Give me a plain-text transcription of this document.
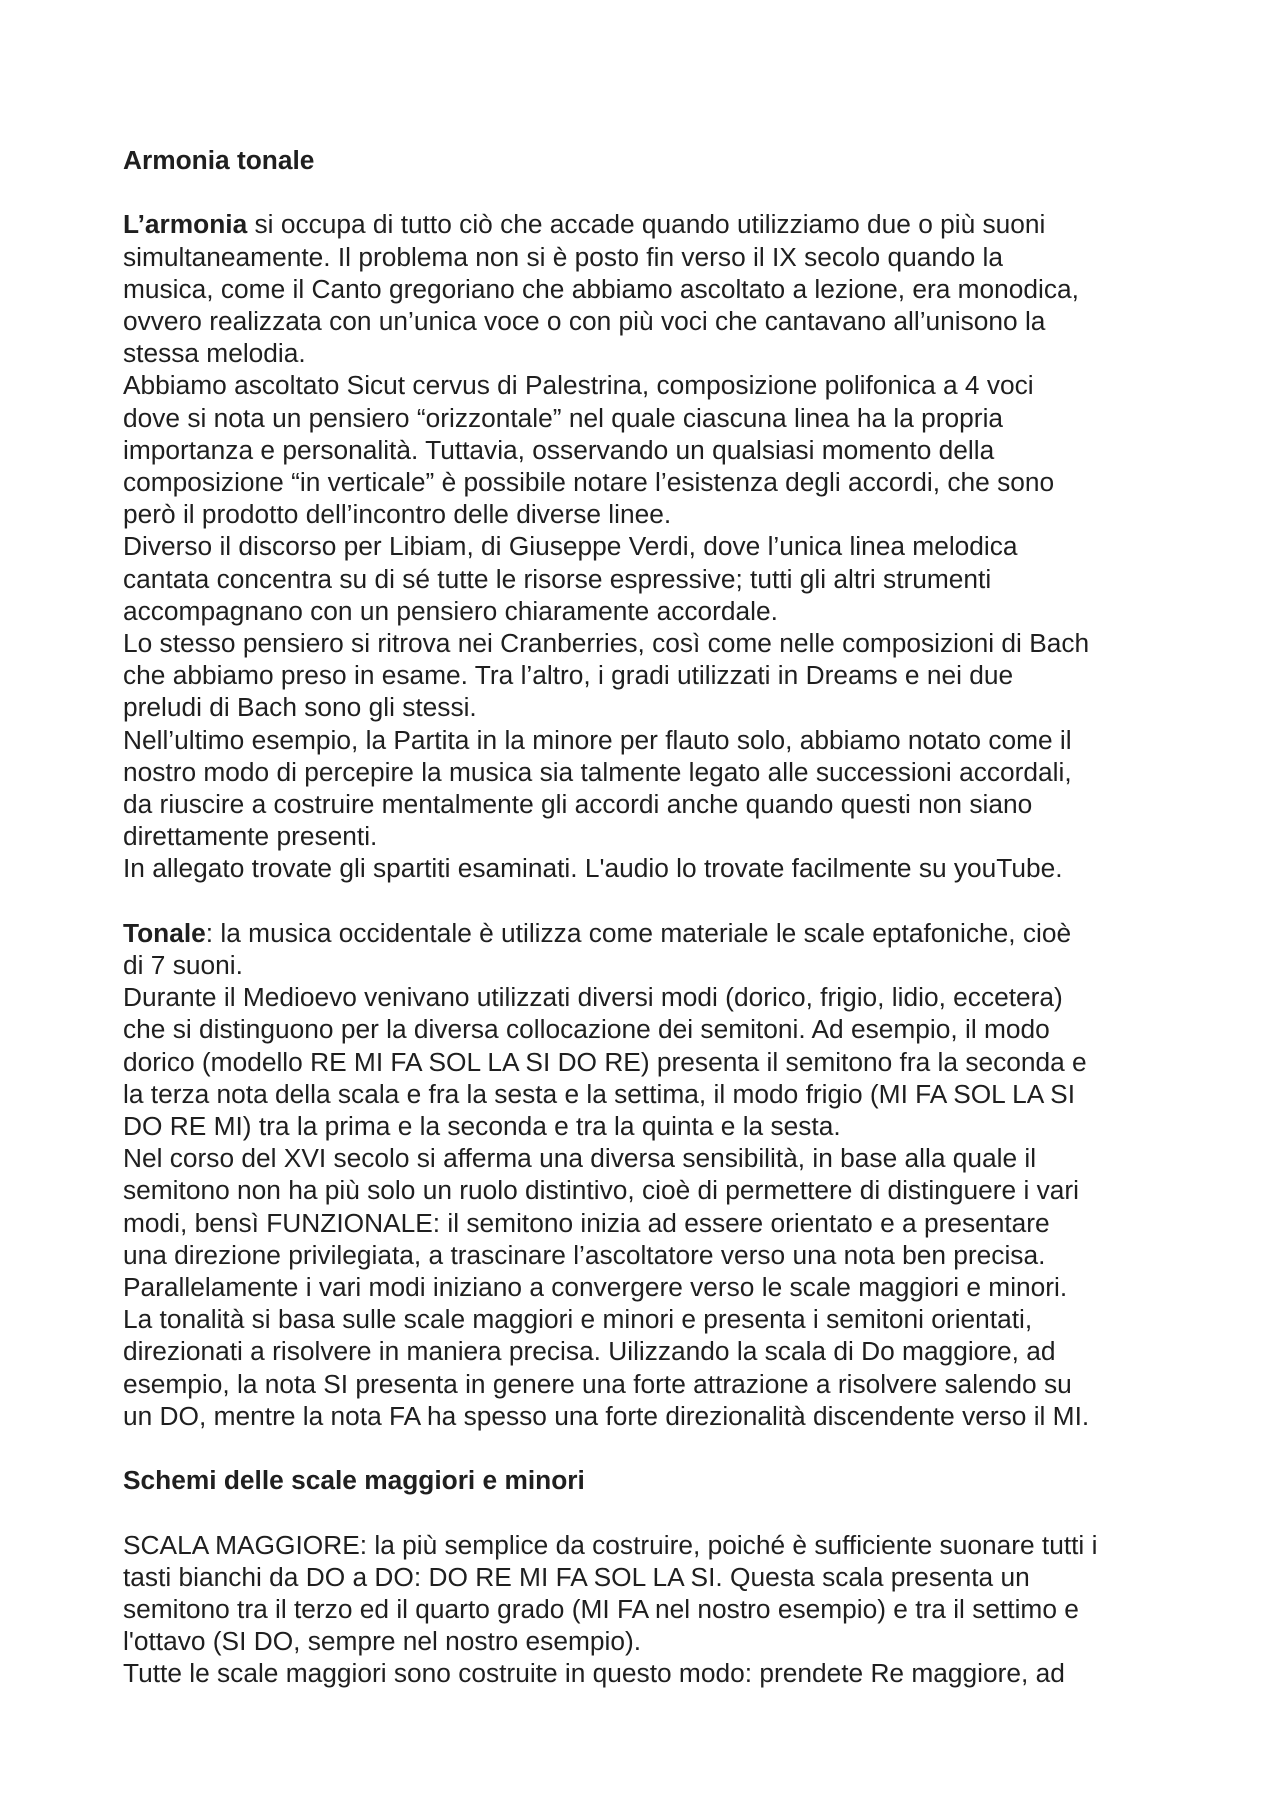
Armonia tonale

L’armonia si occupa di tutto ciò che accade quando utilizziamo due o più suoni
simultaneamente. Il problema non si è posto fin verso il IX secolo quando la
musica, come il Canto gregoriano che abbiamo ascoltato a lezione, era monodica,
ovvero realizzata con un’unica voce o con più voci che cantavano all’unisono la
stessa melodia.

Abbiamo ascoltato Sicut cervus di Palestrina, composizione polifonica a 4 voci
dove si nota un pensiero “orizzontale” nel quale ciascuna linea ha la propria
importanza e personalità. Tuttavia, osservando un qualsiasi momento della
composizione “in verticale” è possibile notare l’esistenza degli accordi, che sono
però il prodotto dell’incontro delle diverse linee.

Diverso il discorso per Libiam, di Giuseppe Verdi, dove l’unica linea melodica
cantata concentra su di sé tutte le risorse espressive; tutti gli altri strumenti
accompagnano con un pensiero chiaramente accordale.

Lo stesso pensiero si ritrova nei Cranberries, così come nelle composizioni di Bach
che abbiamo preso in esame. Tra l’altro, i gradi utilizzati in Dreams e nei due
preludi di Bach sono gli stessi.

Nell’ultimo esempio, la Partita in la minore per flauto solo, abbiamo notato come il
nostro modo di percepire la musica sia talmente legato alle successioni accordali,
da riuscire a costruire mentalmente gli accordi anche quando questi non siano
direttamente presenti.

In allegato trovate gli spartiti esaminati. L'audio lo trovate facilmente su youTube.

Tonale: la musica occidentale è utilizza come materiale le scale eptafoniche, cioè
di 7 suoni.

Durante il Medioevo venivano utilizzati diversi modi (dorico, frigio, lidio, eccetera)
che si distinguono per la diversa collocazione dei semitoni. Ad esempio, il modo
dorico (modello RE MI FA SOL LA SI DO RE) presenta il semitono fra la seconda e
la terza nota della scala e fra la sesta e la settima, il modo frigio (MI FA SOL LA SI
DO RE MI) tra la prima e la seconda e tra la quinta e la sesta.

Nel corso del XVI secolo si afferma una diversa sensibilità, in base alla quale il
semitono non ha più solo un ruolo distintivo, cioè di permettere di distinguere i vari
modi, bensì FUNZIONALE: il semitono inizia ad essere orientato e a presentare
una direzione privilegiata, a trascinare l’ascoltatore verso una nota ben precisa.

Parallelamente i vari modi iniziano a convergere verso le scale maggiori e minori.

La tonalità si basa sulle scale maggiori e minori e presenta i semitoni orientati,
direzionati a risolvere in maniera precisa. Uilizzando la scala di Do maggiore, ad
esempio, la nota SI presenta in genere una forte attrazione a risolvere salendo su
un DO, mentre la nota FA ha spesso una forte direzionalità discendente verso il MI.

Schemi delle scale maggiori e minori

SCALA MAGGIORE: la più semplice da costruire, poiché è sufficiente suonare tutti i
tasti bianchi da DO a DO: DO RE MI FA SOL LA SI. Questa scala presenta un
semitono tra il terzo ed il quarto grado (MI FA nel nostro esempio) e tra il settimo e
l'ottavo (SI DO, sempre nel nostro esempio).

Tutte le scale maggiori sono costruite in questo modo: prendete Re maggiore, ad
